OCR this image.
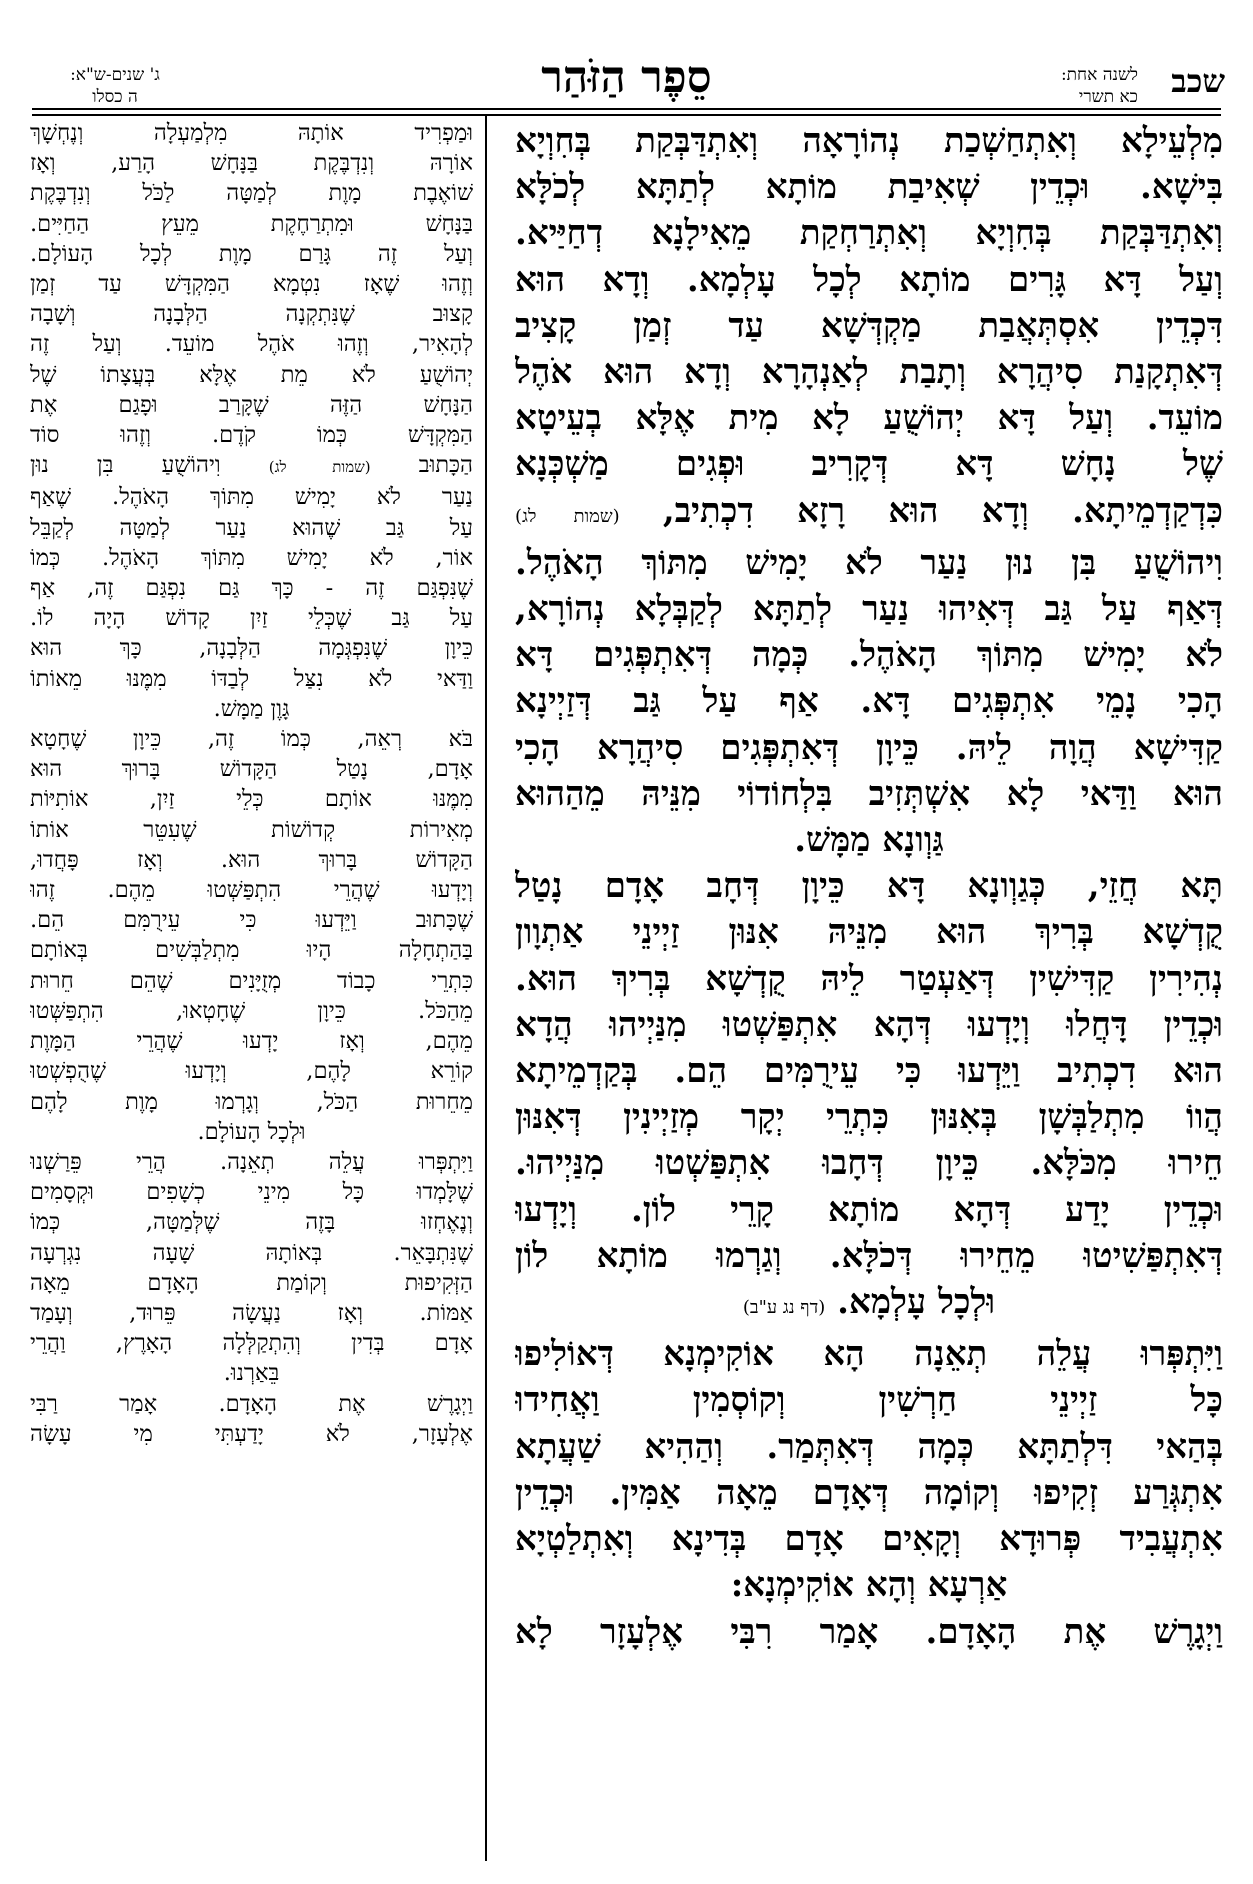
שכב
לשנה אחת:
כא תשרי
סֵפֶר הַזֹּהַר
ג' שנים-ש"א:
ה כסלו
מִלְעֵילָא וְאִתְחַשְׁכַת נְהוֹרָאָה וְאִתְדַּבְּקַת בְּחִוְיָא
בִּישָׁא. וּכְדֵין שְׁאִיבַת מוֹתָא לְתַתָּא לְכֹלָּא
וְאִתְדַּבְּקַת בְּחִוְיָא וְאִתְרַחְקַת מֵאִילָנָא דְחַיַּיא.
וְעַל דָּא גָּרִים מוֹתָא לְכָל עָלְמָא. וְדָא הוּא
דִּכְדֵין אִסְתְּאֲבַת מַקְדְּשָׁא עַד זְמַן קָצִיב
דְּאִתְקָנַת סִיהֲרָא וְתָבַת לְאַנְהָרָא וְדָא הוּא אֹהֶל
מוֹעֵד. וְעַל דָּא יְהוֹשֻׁעַ לָא מִית אֶלָּא בְעֵיטָא
שֶׁל נָחָשׁ דָּא דְּקָרִיב וּפְגִים מַשְׁכְּנָא
כִּדְקַדְמֵיתָא. וְדָא הוּא רָזָא דִכְתִיב, (שמות לג)
וִיהוֹשֻׁעַ בִּן נוּן נַעַר לֹא יָמִישׁ מִתּוֹךְ הָאֹהֶל.
דְּאַף עַל גַּב דְּאִיהוּ נַעַר לְתַתָּא לְקַבְּלָא נְהוֹרָא,
לֹא יָמִישׁ מִתּוֹךְ הָאֹהֶל. כְּמָה דְּאִתְפְּגִים דָּא
הָכִי נָמֵי אִתְפְּגִים דָּא. אַף עַל גַּב דְּזַיְינָא
קַדִּישָׁא הֲוָה לֵיהּ. כֵּיוָן דְּאִתְפְּגִים סִיהֲרָא הָכִי
הוּא וַדַּאי לָא אִשְׁתְּזִיב בִּלְחוֹדוֹי מִנֵּיהּ מֵהַהוּא
גַּוְונָא מַמָּשׁ.
תָּא חֲזֵי, כְּגַוְונָא דָּא כֵּיוָן דְּחָב אָדָם נָטַל
קֻדְשָׁא בְּרִיךְ הוּא מִנֵּיהּ אִנּוּן זַיְינֵי אַתְוָון
נְהִירִין קַדִּישִׁין דְּאַעְטַר לֵיהּ קֻדְשָׁא בְּרִיךְ הוּא.
וּכְדֵין דָּחֲלוּ וְיָדְעוּ דְּהָא אִתְפַּשְׁטוּ מִנַּיְיהוּ הֲדָא
הוּא דִכְתִיב וַיֵּדְעוּ כִּי עֵירֻמִּים הֵם. בְּקַדְמֵיתָא
הֲווֹ מִתְלַבְּשָׁן בְּאִנּוּן כִּתְרֵי יְקָר מְזַיְינִין דְּאִנּוּן
חֵירוּ מִכֹּלָּא. כֵּיוָן דְּחָבוּ אִתְפַּשְׁטוּ מִנַּיְיהוּ.
וּכְדֵין יָדַע דְּהָא מוֹתָא קָרֵי לוֹן. וְיָדְעוּ
דְּאִתְפַּשִׁיטוּ מֵחֵירוּ דְּכֹלָּא. וְגַרְמוּ מוֹתָא לוֹן
וּלְכָל עָלְמָא. (דף נג ע"ב)
וַיִּתְפְּרוּ עֲלֵה תְאֵנָה הָא אוֹקִימְנָא דְּאוֹלִיפוּ
כָּל זַיְינֵי חַרְשִׁין וְקוֹסְמִין וַאֲחִידוּ
בְּהַאי דִּלְתַתָּא כְּמָה דְּאִתְּמַר. וְהַהִיא שַׁעֲתָא
אִתְגְּרַע זְקִיפוּ וְקוֹמָה דְּאָדָם מֵאָה אַמִּין. וּכְדֵין
אִתְעֲבִיד פְּרוּדָא וְקָאִים אָדָם בְּדִינָא וְאִתְלַטְיָא
אַרְעָא וְהָא אוֹקִימְנָא:
וַיְגָרֶשׁ אֶת הָאָדָם. אָמַר רִבִּי אֶלְעָזָר לָא
וּמַפְרִיד אוֹתָהּ מִלְמַעְלָה וְנֶחְשָׁךְ
אוֹרָהּ וְנִדְבֶּקֶת בַּנָּחָשׁ הָרַע, וְאָז
שׁוֹאֶבֶת מָוֶת לְמַטָּה לַכֹּל וְנִדְבֶּקֶת
בַּנָּחָשׁ וּמִתְרַחֶקֶת מֵעֵץ הַחַיִּים.
וְעַל זֶה גָּרַם מָוֶת לְכָל הָעוֹלָם.
וְזֶהוּ שֶׁאָז נִטְמָא הַמִּקְדָּשׁ עַד זְמַן
קָצוּב שֶׁנִּתְקְנָה הַלְּבָנָה וְשָׁבָה
לְהָאִיר, וְזֶהוּ אֹהֶל מוֹעֵד. וְעַל זֶה
יְהוֹשֻׁעַ לֹא מֵת אֶלָּא בְּעֲצָתוֹ שֶׁל
הַנָּחָשׁ הַזֶּה שֶׁקָּרַב וּפָגַם אֶת
הַמִּקְדָּשׁ כְּמוֹ קֹדֶם. וְזֶהוּ סוֹד
הַכָּתוּב (שמות לג) וִיהוֹשֻׁעַ בִּן נוּן
נַעַר לֹא יָמִישׁ מִתּוֹךְ הָאֹהֶל. שֶׁאַף
עַל גַּב שֶׁהוּא נַעַר לְמַטָּה לְקַבֵּל
אוֹר, לֹא יָמִישׁ מִתּוֹךְ הָאֹהֶל. כְּמוֹ
שֶׁנִּפְגַּם זֶה - כָּךְ גַּם נִפְגַּם זֶה, אַף
עַל גַּב שֶׁכְּלֵי זַיִן קָדוֹשׁ הָיָה לוֹ.
כֵּיוָן שֶׁנִּפְגְּמָה הַלְּבָנָה, כָּךְ הוּא
וַדַּאי לֹא נִצַּל לְבַדּוֹ מִמֶּנּוּ מֵאוֹתוֹ
גָּוֶן מַמָּשׁ.
בֹּא רְאֵה, כְּמוֹ זֶה, כֵּיוָן שֶׁחָטָא
אָדָם, נָטַל הַקָּדוֹשׁ בָּרוּךְ הוּא
מִמֶּנּוּ אוֹתָם כְּלֵי זַיִן, אוֹתִיּוֹת
מְאִירוֹת קְדוֹשׁוֹת שֶׁעִטֵּר אוֹתוֹ
הַקָּדוֹשׁ בָּרוּךְ הוּא. וְאָז פָּחֲדוּ,
וְיָדְעוּ שֶׁהֲרֵי הִתְפַּשְּׁטוּ מֵהֶם. זֶהוּ
שֶׁכָּתוּב וַיֵּדְעוּ כִּי עֵירֻמִּם הֵם.
בַּהַתְחָלָה הָיוּ מִתְלַבְּשִׁים בְּאוֹתָם
כִּתְרֵי כָבוֹד מְזֻיָּנִים שֶׁהֵם חֵרוּת
מֵהַכֹּל. כֵּיוָן שֶׁחָטְאוּ, הִתְפַּשְּׁטוּ
מֵהֶם, וְאָז יָדְעוּ שֶׁהֲרֵי הַמָּוֶת
קוֹרֵא לָהֶם, וְיָדְעוּ שֶׁהֻפְשְׁטוּ
מֵחֵרוּת הַכֹּל, וְגָרְמוּ מָוֶת לָהֶם
וּלְכָל הָעוֹלָם.
וַיִּתְפְּרוּ עֲלֵה תְאֵנָה. הֲרֵי פֵּרַשְׁנוּ
שֶׁלָּמְדוּ כָּל מִינֵי כְשָׁפִים וּקְסָמִים
וְנֶאֶחְזוּ בָּזֶה שֶׁלְּמַטָּה, כְּמוֹ
שֶׁנִּתְבָּאֵר. בְּאוֹתָהּ שָׁעָה נִגְרְעָה
הַזְּקִיפוּת וְקוֹמַת הָאָדָם מֵאָה
אַמּוֹת. וְאָז נַעֲשָׂה פֵּרוּד, וְעָמַד
אָדָם בְּדִין וְהִתְקַלְּלָה הָאָרֶץ, וַהֲרֵי
בֵּאַרְנוּ.
וַיְגָרֶשׁ אֶת הָאָדָם. אָמַר רַבִּי
אֶלְעָזָר, לֹא יָדַעְתִּי מִי עָשָׂה
